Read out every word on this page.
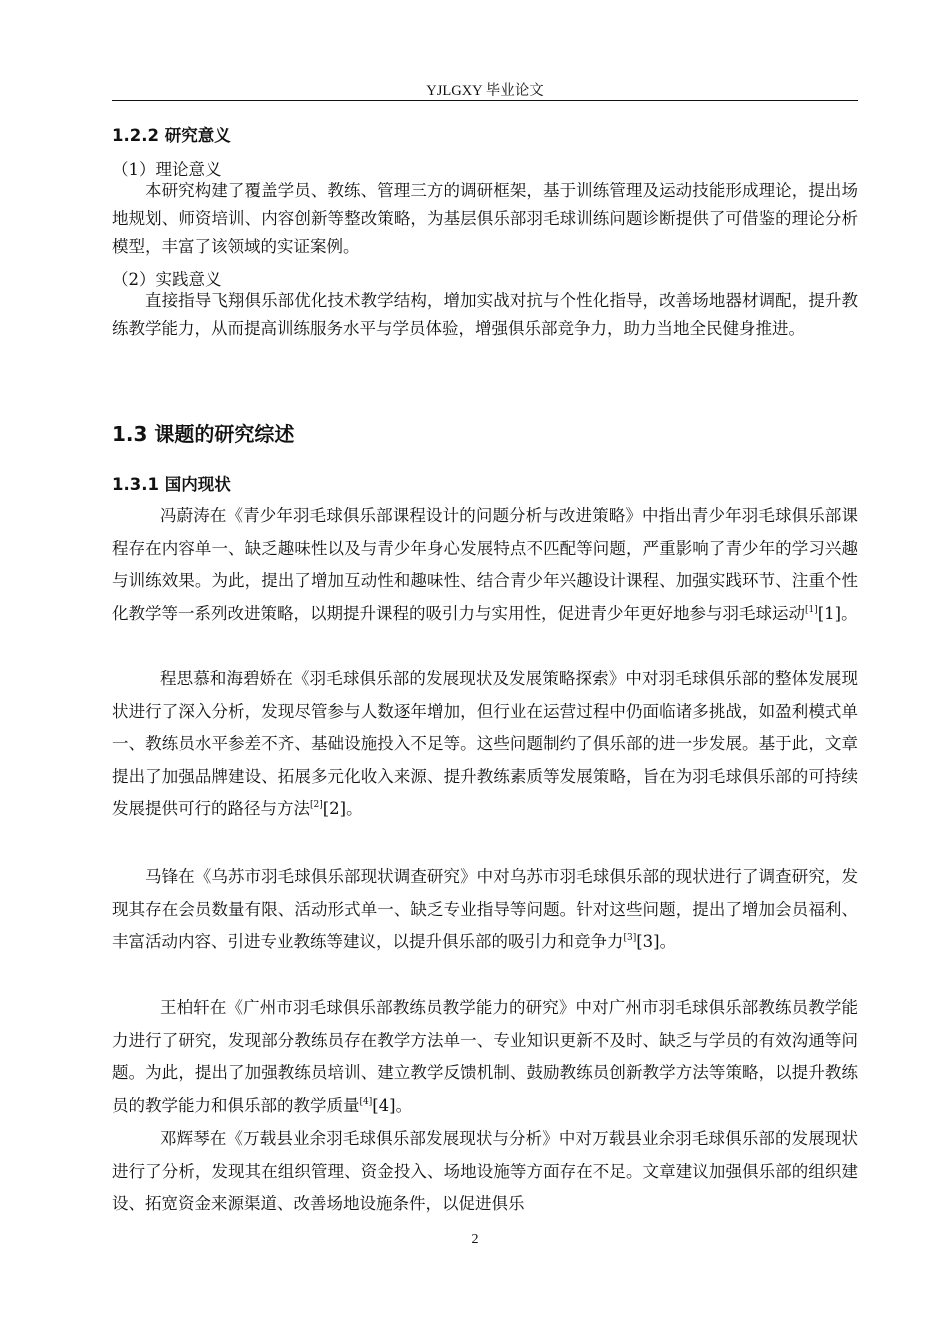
YJLGXY 毕业论文
1.2.2 研究意义
（1）理论意义

本研究构建了覆盖学员、教练、管理三方的调研框架，基于训练管理及运动技能形成理论，提出场地规划、师资培训、内容创新等整改策略，为基层俱乐部羽毛球训练问题诊断提供了可借鉴的理论分析模型，丰富了该领域的实证案例。

（2）实践意义

直接指导飞翔俱乐部优化技术教学结构，增加实战对抗与个性化指导，改善场地器材调配，提升教练教学能力，从而提高训练服务水平与学员体验，增强俱乐部竞争力，助力当地全民健身推进。

1.3 课题的研究综述
1.3.1 国内现状

冯蔚涛在《青少年羽毛球俱乐部课程设计的问题分析与改进策略》中指出青少年羽毛球俱乐部课程存在内容单一、缺乏趣味性以及与青少年身心发展特点不匹配等问题，严重影响了青少年的学习兴趣与训练效果。为此，提出了增加互动性和趣味性、结合青少年兴趣设计课程、加强实践环节、注重个性化教学等一系列改进策略，以期提升课程的吸引力与实用性，促进青少年更好地参与羽毛球运动[1][1]。

程思慕和海碧娇在《羽毛球俱乐部的发展现状及发展策略探索》中对羽毛球俱乐部的整体发展现状进行了深入分析，发现尽管参与人数逐年增加，但行业在运营过程中仍面临诸多挑战，如盈利模式单一、教练员水平参差不齐、基础设施投入不足等。这些问题制约了俱乐部的进一步发展。基于此，文章提出了加强品牌建设、拓展多元化收入来源、提升教练素质等发展策略，旨在为羽毛球俱乐部的可持续发展提供可行的路径与方法[2][2]。

马锋在《乌苏市羽毛球俱乐部现状调查研究》中对乌苏市羽毛球俱乐部的现状进行了调查研究，发现其存在会员数量有限、活动形式单一、缺乏专业指导等问题。针对这些问题，提出了增加会员福利、丰富活动内容、引进专业教练等建议，以提升俱乐部的吸引力和竞争力[3][3]。

王柏轩在《广州市羽毛球俱乐部教练员教学能力的研究》中对广州市羽毛球俱乐部教练员教学能力进行了研究，发现部分教练员存在教学方法单一、专业知识更新不及时、缺乏与学员的有效沟通等问题。为此，提出了加强教练员培训、建立教学反馈机制、鼓励教练员创新教学方法等策略，以提升教练员的教学能力和俱乐部的教学质量[4][4]。

邓辉琴在《万载县业余羽毛球俱乐部发展现状与分析》中对万载县业余羽毛球俱乐部的发展现状进行了分析，发现其在组织管理、资金投入、场地设施等方面存在不足。文章建议加强俱乐部的组织建设、拓宽资金来源渠道、改善场地设施条件，以促进俱乐

2
